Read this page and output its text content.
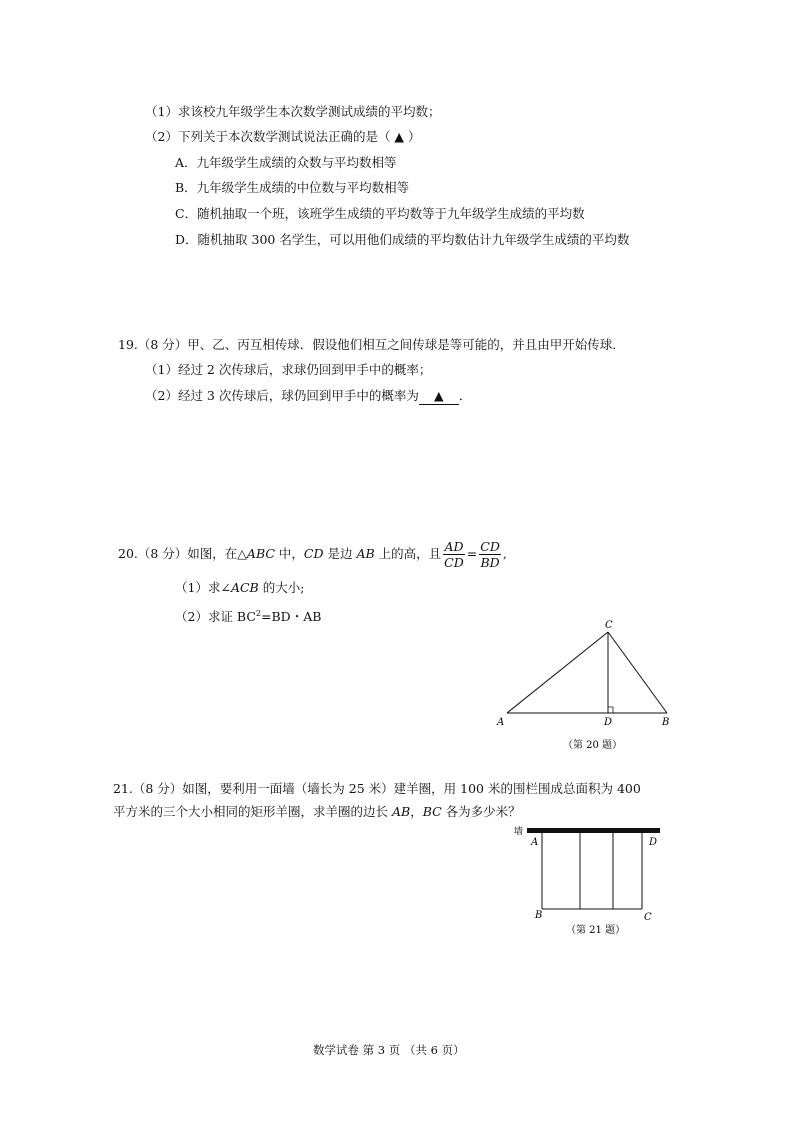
（1）求该校九年级学生本次数学测试成绩的平均数；
（2）下列关于本次数学测试说法正确的是（ ▲ ）
A．九年级学生成绩的众数与平均数相等
B．九年级学生成绩的中位数与平均数相等
C．随机抽取一个班，该班学生成绩的平均数等于九年级学生成绩的平均数
D．随机抽取 300 名学生，可以用他们成绩的平均数估计九年级学生成绩的平均数
19.（8 分）甲、乙、丙互相传球．假设他们相互之间传球是等可能的，并且由甲开始传球．
（1）经过 2 次传球后，求球仍回到甲手中的概率；
（2）经过 3 次传球后，球仍回到甲手中的概率为 ▲ ．
20.（8 分）如图，在△ABC 中，CD 是边 AB 上的高，且 $\frac{AD}{CD} = \frac{CD}{BD}$ ,
（1）求∠ACB 的大小;
（2）求证 $BC^2=BD$・AB
C
A	D	B
（第 20 题）
墙
A	D
B	C
（第 21 题）
21.（8 分）如图，要利用一面墙（墙长为 25 米）建羊圈，用 100 米的围栏围成总面积为 400
平方米的三个大小相同的矩形羊圈，求羊圈的边长 AB，BC 各为多少米？
数学试卷 第 3 页 （共 6 页）
